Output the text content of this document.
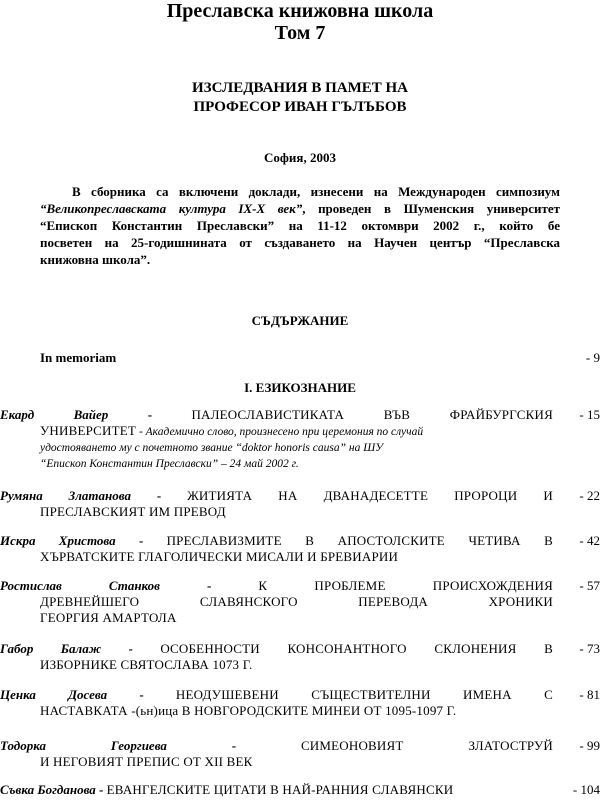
Преславска книжовна школа
Том 7
ИЗСЛЕДВАНИЯ В ПАМЕТ НА
ПРОФЕСОР ИВАН ГЪЛЪБОВ
София, 2003
В сборника са включени доклади, изнесени на Международен симпозиум
“Великопреславската култура IX-X век”, проведен в Шуменския университет
“Епископ Константин Преславски” на 11-12 октомври 2002 г., който бе
посветен на 25-годишнината от създаването на Научен център “Преславска
книжовна школа”.
СЪДЪРЖАНИЕ
In memoriam	- 9
I. ЕЗИКОЗНАНИЕ
Екард Вайер - ПАЛЕОСЛАВИСТИКАТА ВЪВ ФРАЙБУРГСКИЯ
УНИВЕРСИТЕТ - Академично слово, произнесено при церемония по случай
удостояването му с почетното звание “doktor honoris causa” на ШУ
“Епископ Константин Преславски” – 24 май 2002 г.
- 15
Румяна Златанова - ЖИТИЯТА НА ДВАНАДЕСЕТТЕ ПРОРОЦИ И
ПРЕСЛАВСКИЯТ ИМ ПРЕВОД
- 22
Искра Христова - ПРЕСЛАВИЗМИТЕ В АПОСТОЛСКИТЕ ЧЕТИВА В
ХЪРВАТСКИТЕ ГЛАГОЛИЧЕСКИ МИСАЛИ И БРЕВИАРИИ
- 42
Ростислав Станков - К ПРОБЛЕМЕ ПРОИСХОЖДЕНИЯ
ДРЕВНЕЙШЕГО СЛАВЯНСКОГО ПЕРЕВОДА ХРОНИКИ
ГЕОРГИЯ АМАРТОЛА
- 57
Габор Балаж - ОСОБЕННОСТИ КОНСОНАНТНОГО СКЛОНЕНИЯ В
ИЗБОРНИКЕ СВЯТОСЛАВА 1073 Г.
- 73
Ценка Досева - НЕОДУШЕВЕНИ СЪЩЕСТВИТЕЛНИ ИМЕНА С
НАСТАВКАТА -(ьн)ица В НОВГОРОДСКИТЕ МИНЕИ ОТ 1095-1097 Г.
- 81
Тодорка Георгиева - СИМЕОНОВИЯТ ЗЛАТОСТРУЙ
И НЕГОВИЯТ ПРЕПИС ОТ XII ВЕК
- 99
Съвка Богданова - ЕВАНГЕЛСКИТЕ ЦИТАТИ В НАЙ-РАННИЯ СЛАВЯНСКИ	- 104
